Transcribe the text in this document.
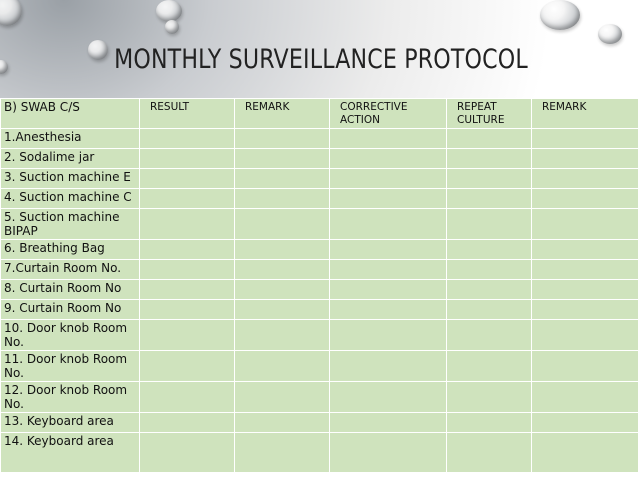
MONTHLY SURVEILLANCE PROTOCOL
B) SWAB C/S	RESULT	REMARK	CORRECTIVE ACTION	REPEAT CULTURE	REMARK
1.Anesthesia					
2. Sodalime jar					
3. Suction machine E					
4. Suction machine C					
5. Suction machine BIPAP					
6. Breathing Bag					
7.Curtain Room No.					
8. Curtain Room No					
9. Curtain Room No					
10. Door knob Room No.					
11. Door knob Room No.					
12. Door knob Room No.					
13. Keyboard area					
14. Keyboard area					
